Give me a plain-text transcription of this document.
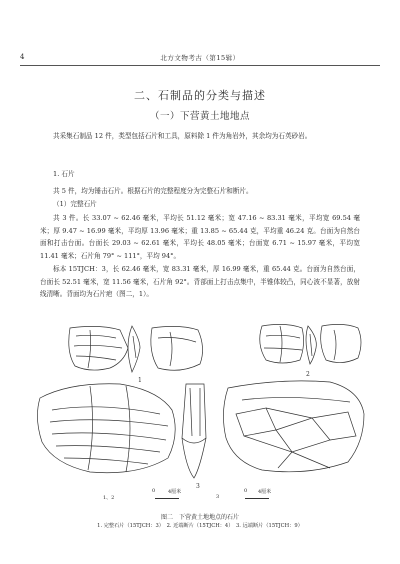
4	北方文物考古（第15辑）
二、石制品的分类与描述
（一）下营黄土地地点

共采集石制品 12 件，类型包括石片和工具，原料除 1 件为角岩外，其余均为石英砂岩。

1. 石片

共 5 件，均为锤击石片。根据石片的完整程度分为完整石片和断片。

（1）完整石片

共 3 件。长 33.07 ~ 62.46 毫米，平均长 51.12 毫米；宽 47.16 ~ 83.31 毫米，平均宽 69.54 毫米；厚 9.47 ~ 16.99 毫米，平均厚 13.96 毫米；重 13.85 ~ 65.44 克，平均重 46.24 克。台面为自然台面和打击台面。台面长 29.03 ~ 62.61 毫米，平均长 48.05 毫米；台面宽 6.71 ~ 15.97 毫米，平均宽 11.41 毫米；石片角 79° ~ 111°，平均 94°。

标本 15TJCH：3，长 62.46 毫米，宽 83.31 毫米，厚 16.99 毫米，重 65.44 克。台面为自然台面，台面长 52.51 毫米，宽 11.56 毫米，石片角 92°。背部面上打击点集中，半锥体较凸，同心波不显著，放射线清晰。背面均为石片疤（图二，1）。

1
2
3
0	4厘米
1、2
0 4厘米
3
图二　下营黄土地地点的石片
1. 完整石片（15TJCH：3）　2. 近端断片（15TJCH：4）　3. 远端断片（15TJCH：9）
